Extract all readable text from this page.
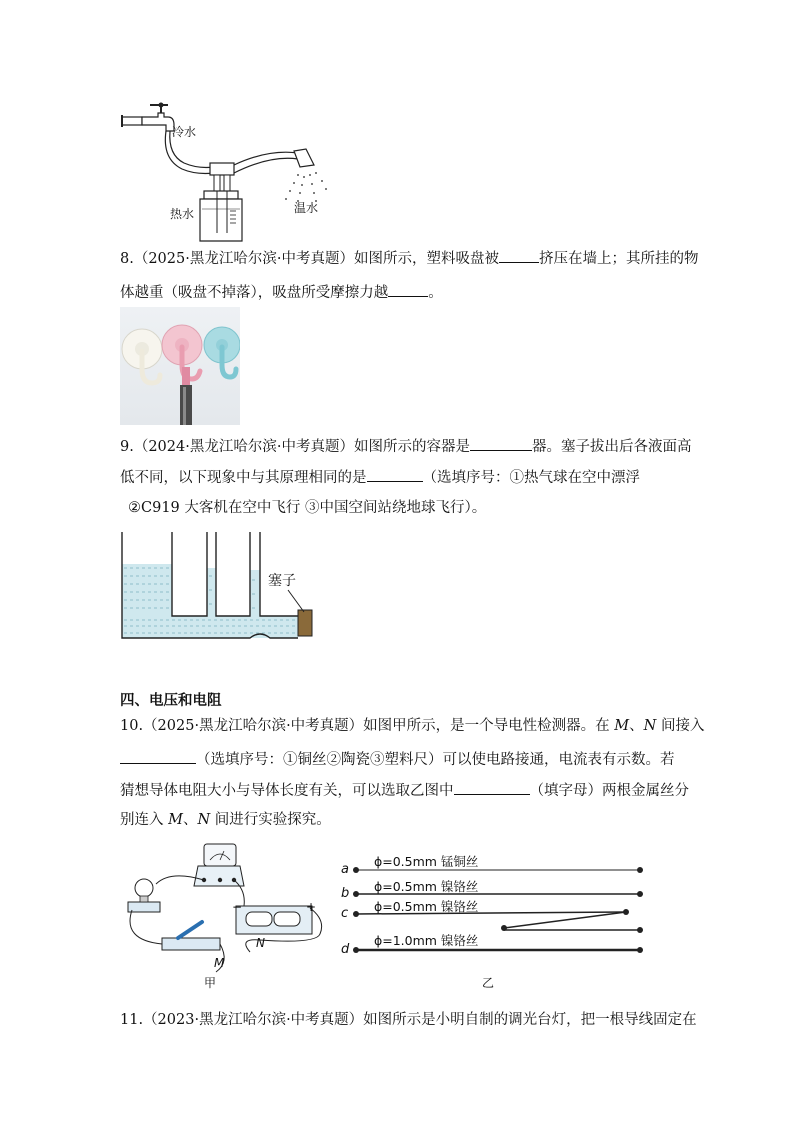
冷水
热水	温水
8.（2025·黑龙江哈尔滨·中考真题）如图所示，塑料吸盘被	挤压在墙上；其所挂的物
体越重（吸盘不掉落），吸盘所受摩擦力越	。
9.（2024·黑龙江哈尔滨·中考真题）如图所示的容器是	器。塞子拔出后各液面高
低不同，以下现象中与其原理相同的是	（选填序号：①热气球在空中漂浮
②C919 大客机在空中飞行 ③中国空间站绕地球飞行）。
塞子
四、电压和电阻
10.（2025·黑龙江哈尔滨·中考真题）如图甲所示，是一个导电性检测器。在 M、N 间接入
（选填序号：①铜丝②陶瓷③塑料尺）可以使电路接通，电流表有示数。若
猜想导体电阻大小与导体长度有关，可以选取乙图中	（填字母）两根金属丝分
别连入 M、N 间进行实验探究。
M
N
+
−
甲
a
ϕ=0.5mm 锰铜丝
b ϕ=0.5mm 镍铬丝
c ϕ=0.5mm 镍铬丝
d
ϕ=1.0mm 镍铬丝
乙
11.（2023·黑龙江哈尔滨·中考真题）如图所示是小明自制的调光台灯，把一根导线固定在
